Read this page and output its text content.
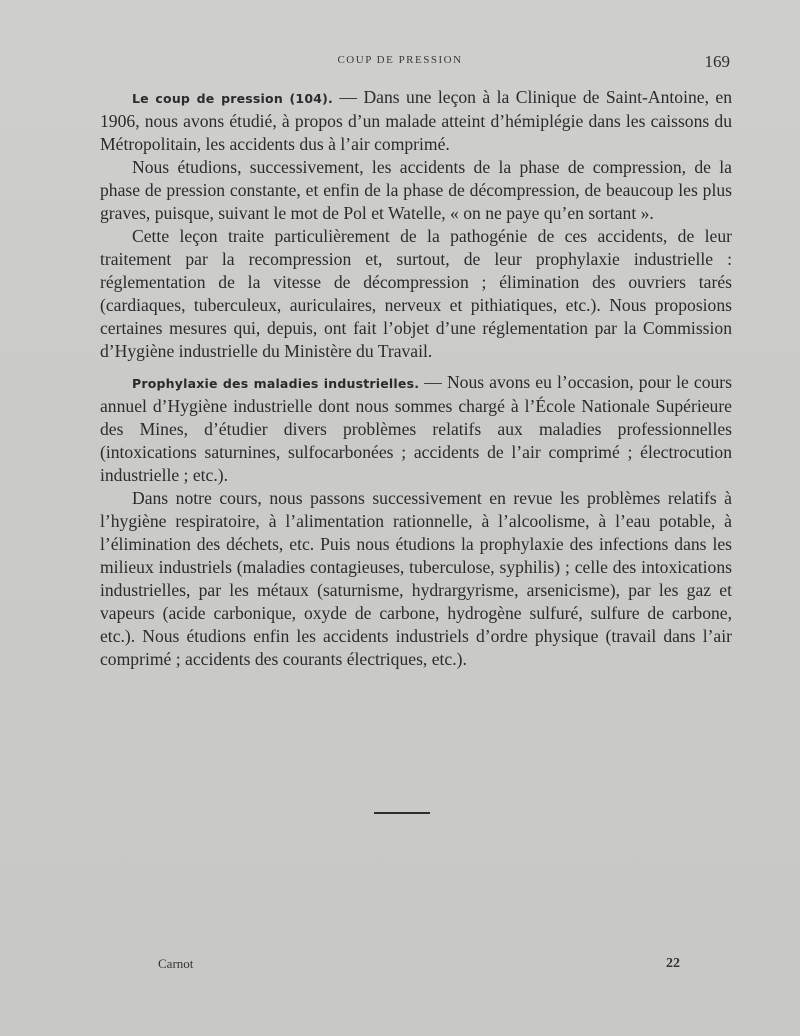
COUP DE PRESSION	169

Le coup de pression (104). — Dans une leçon à la Clinique de Saint-Antoine, en 1906, nous avons étudié, à propos d’un malade atteint d’hémiplégie dans les caissons du Métropolitain, les accidents dus à l’air comprimé.

Nous étudions, successivement, les accidents de la phase de compression, de la phase de pression constante, et enfin de la phase de décompression, de beaucoup les plus graves, puisque, suivant le mot de Pol et Watelle, « on ne paye qu’en sortant ».

Cette leçon traite particulièrement de la pathogénie de ces accidents, de leur traitement par la recompression et, surtout, de leur prophylaxie industrielle : réglementation de la vitesse de décompression ; élimination des ouvriers tarés (cardiaques, tuberculeux, auriculaires, nerveux et pithiatiques, etc.). Nous proposions certaines mesures qui, depuis, ont fait l’objet d’une réglementation par la Commission d’Hygiène industrielle du Ministère du Travail.

Prophylaxie des maladies industrielles. — Nous avons eu l’occasion, pour le cours annuel d’Hygiène industrielle dont nous sommes chargé à l’École Nationale Supérieure des Mines, d’étudier divers problèmes relatifs aux maladies professionnelles (intoxications saturnines, sulfocarbonées ; accidents de l’air comprimé ; électrocution industrielle ; etc.).

Dans notre cours, nous passons successivement en revue les problèmes relatifs à l’hygiène respiratoire, à l’alimentation rationnelle, à l’alcoolisme, à l’eau potable, à l’élimination des déchets, etc. Puis nous étudions la prophylaxie des infections dans les milieux industriels (maladies contagieuses, tuberculose, syphilis) ; celle des intoxications industrielles, par les métaux (saturnisme, hydrargyrisme, arsenicisme), par les gaz et vapeurs (acide carbonique, oxyde de carbone, hydrogène sulfuré, sulfure de carbone, etc.). Nous étudions enfin les accidents industriels d’ordre physique (travail dans l’air comprimé ; accidents des courants électriques, etc.).

Carnot	22
